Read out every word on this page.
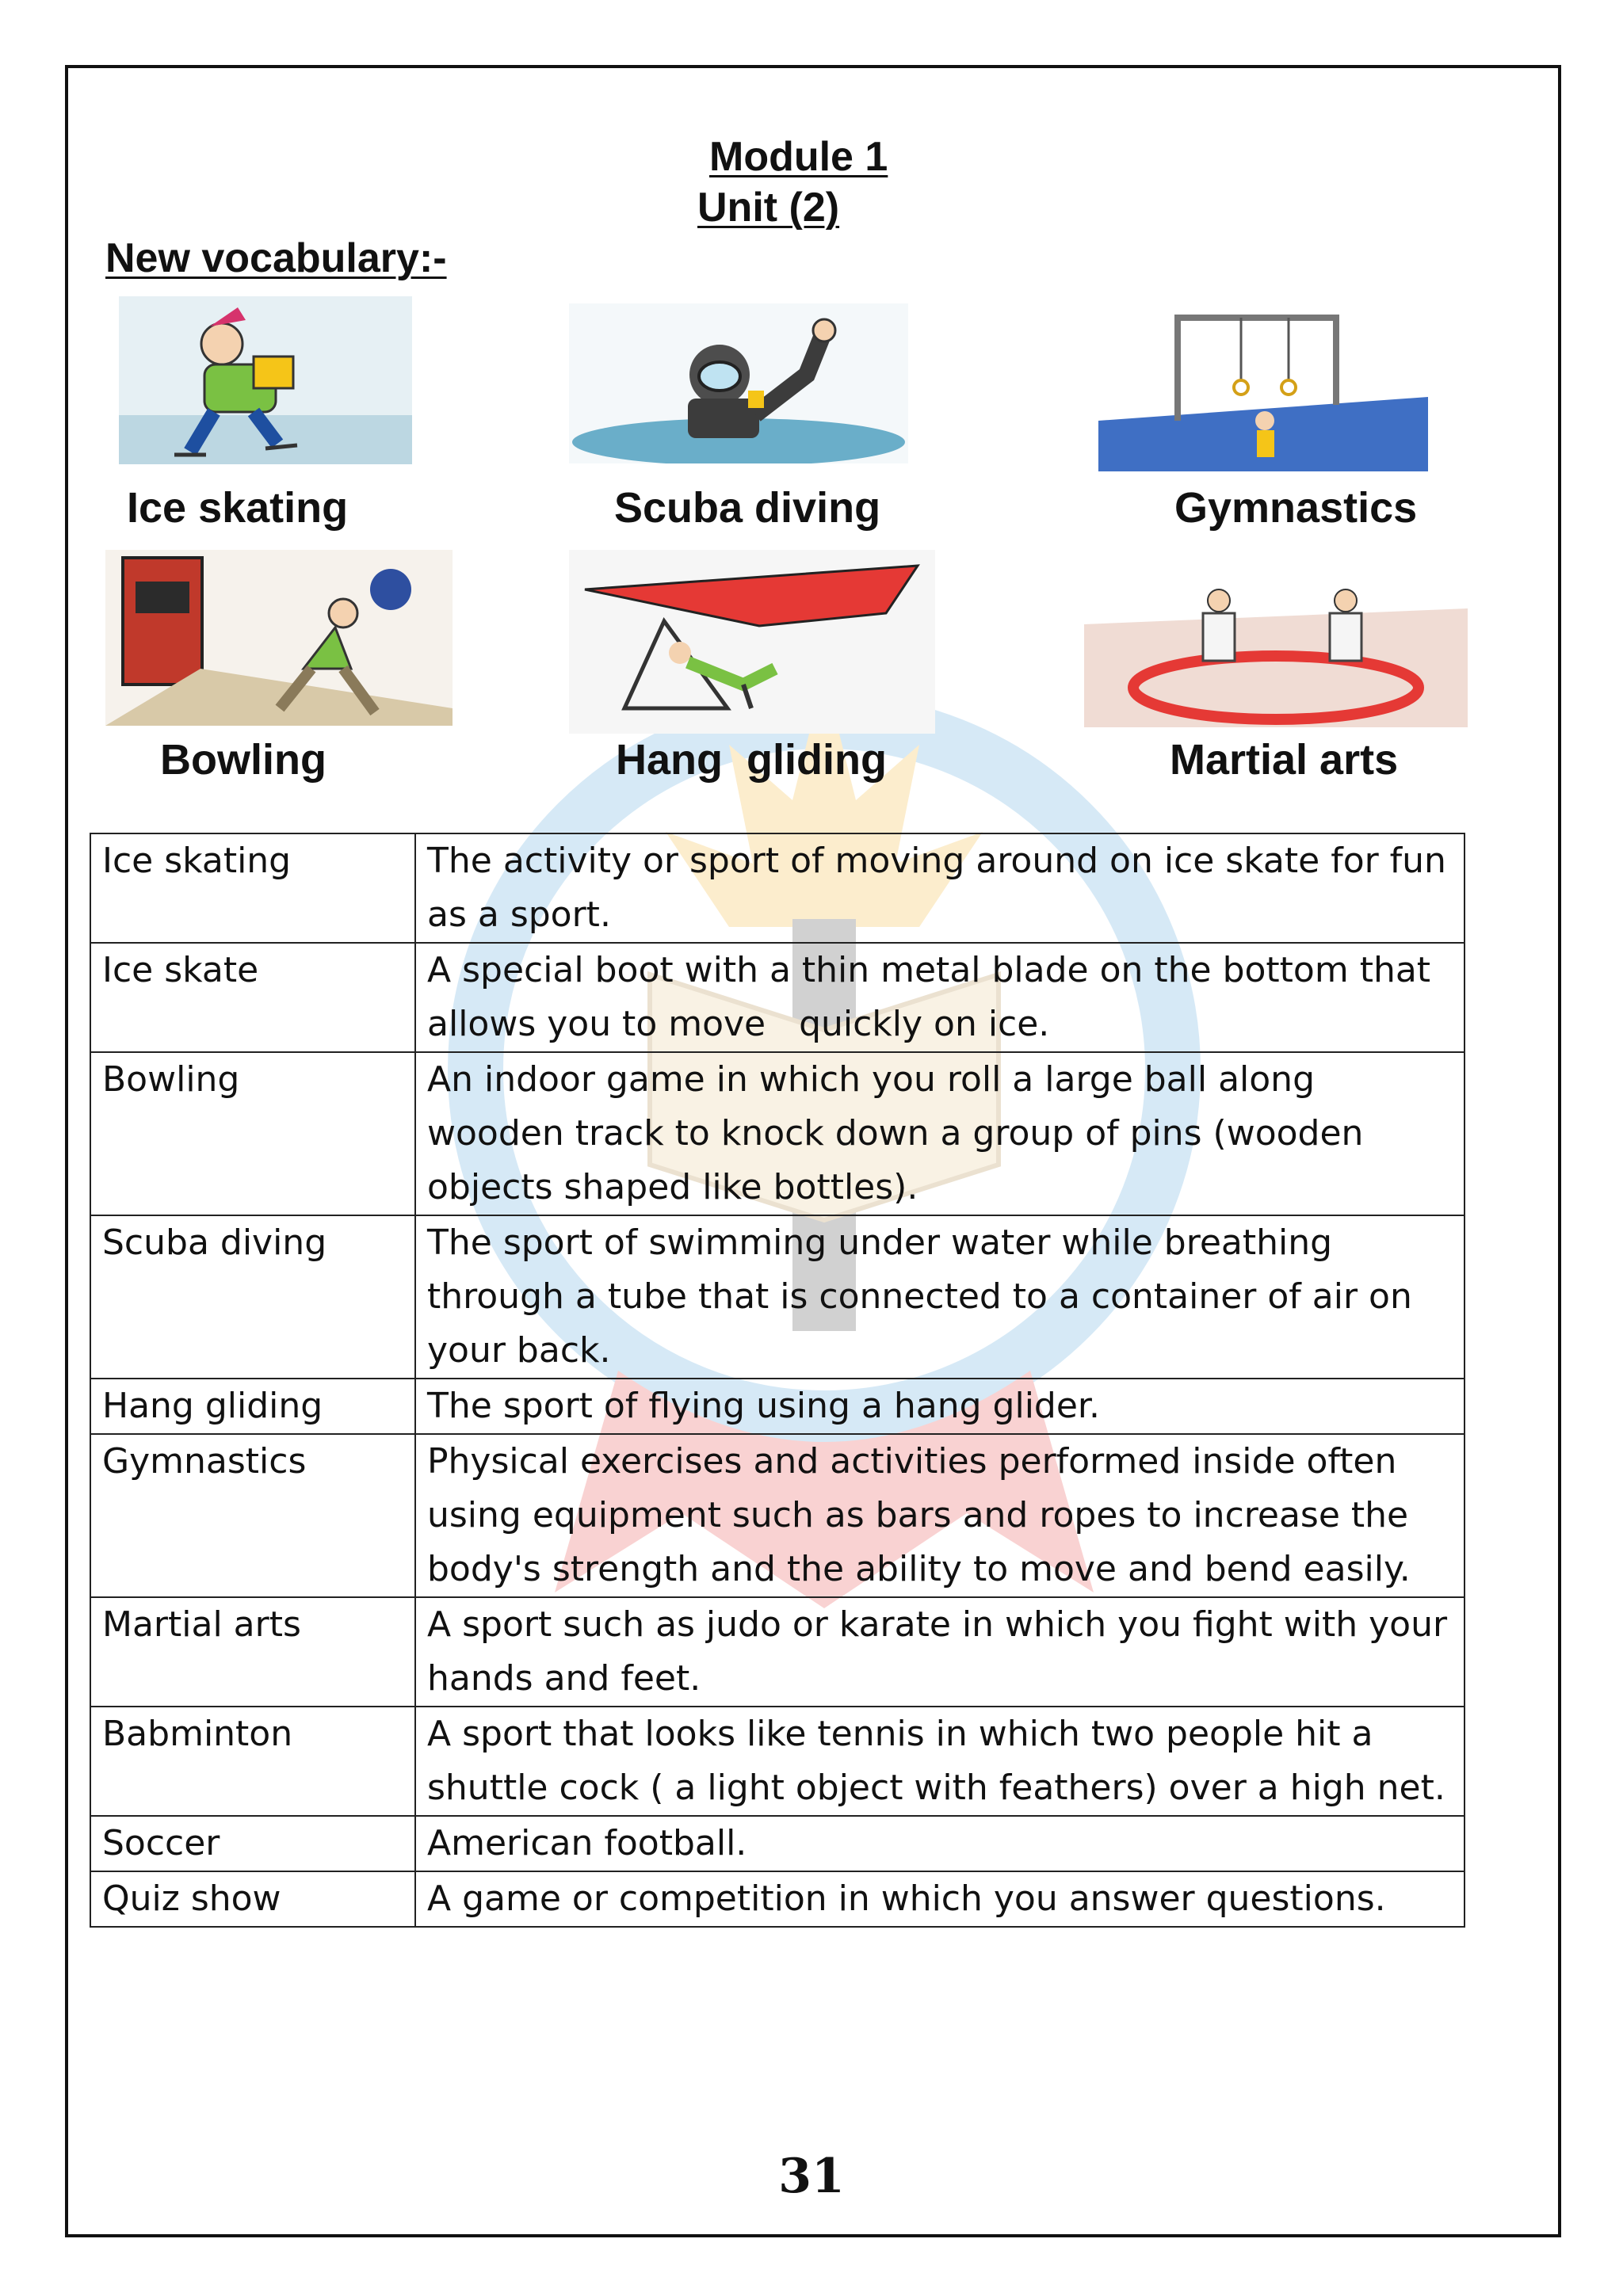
Module 1
Unit (2)
New vocabulary:-
Ice skating	Scuba diving	Gymnastics
Bowling	Hang  gliding	Martial arts
Ice skating	The activity or sport of moving around on ice skate for fun as a sport.
Ice skate	A special boot with a thin metal blade on the bottom that allows you to move   quickly on ice.
Bowling	An indoor game in which you roll a large ball along wooden track to knock down a group of pins (wooden objects shaped like bottles).
Scuba diving	The sport of swimming under water while breathing through a tube that is connected to a container of air on your back.
Hang gliding	The sport of flying using a hang glider.
Gymnastics	Physical exercises and activities performed inside often using equipment such as bars and ropes to increase the body's strength and the ability to move and bend easily.
Martial arts	A sport such as judo or karate in which you fight with your hands and feet.
Babminton	A sport that looks like tennis in which two people hit a shuttle cock ( a light object with feathers) over a high net.
Soccer	American football.
Quiz show	A game or competition in which you answer questions.
31
